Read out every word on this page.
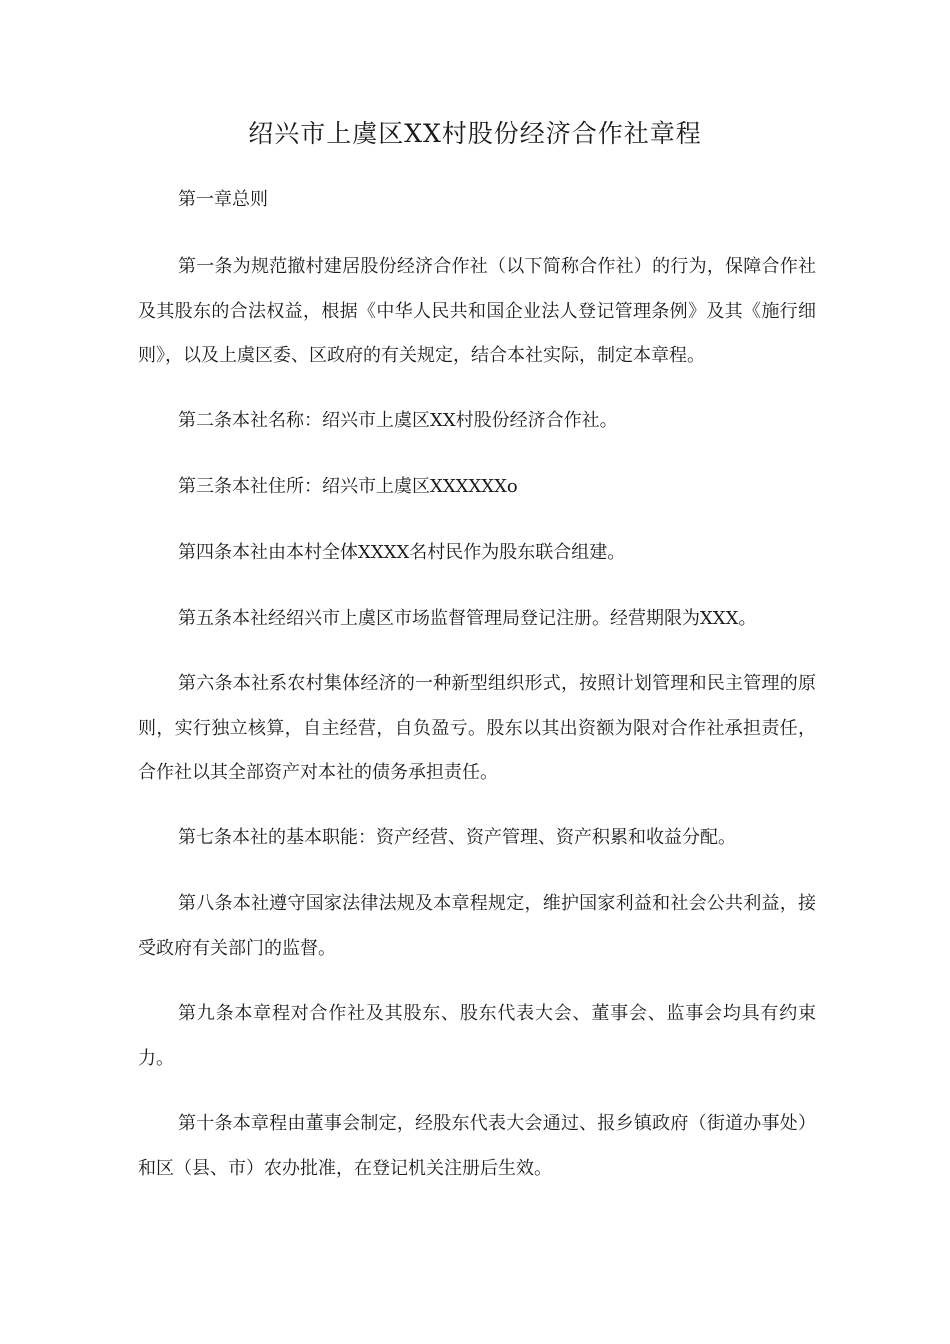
绍兴市上虞区XX村股份经济合作社章程

第一章总则

第一条为规范撤村建居股份经济合作社（以下简称合作社）的行为，保障合作社及其股东的合法权益，根据《中华人民共和国企业法人登记管理条例》及其《施行细则》，以及上虞区委、区政府的有关规定，结合本社实际，制定本章程。

第二条本社名称：绍兴市上虞区XX村股份经济合作社。

第三条本社住所：绍兴市上虞区XXXXXXo

第四条本社由本村全体XXXX名村民作为股东联合组建。

第五条本社经绍兴市上虞区市场监督管理局登记注册。经营期限为XXX。

第六条本社系农村集体经济的一种新型组织形式，按照计划管理和民主管理的原则，实行独立核算，自主经营，自负盈亏。股东以其出资额为限对合作社承担责任，合作社以其全部资产对本社的债务承担责任。

第七条本社的基本职能：资产经营、资产管理、资产积累和收益分配。

第八条本社遵守国家法律法规及本章程规定，维护国家利益和社会公共利益，接受政府有关部门的监督。

第九条本章程对合作社及其股东、股东代表大会、董事会、监事会均具有约束力。

第十条本章程由董事会制定，经股东代表大会通过、报乡镇政府（街道办事处）和区（县、市）农办批准，在登记机关注册后生效。
